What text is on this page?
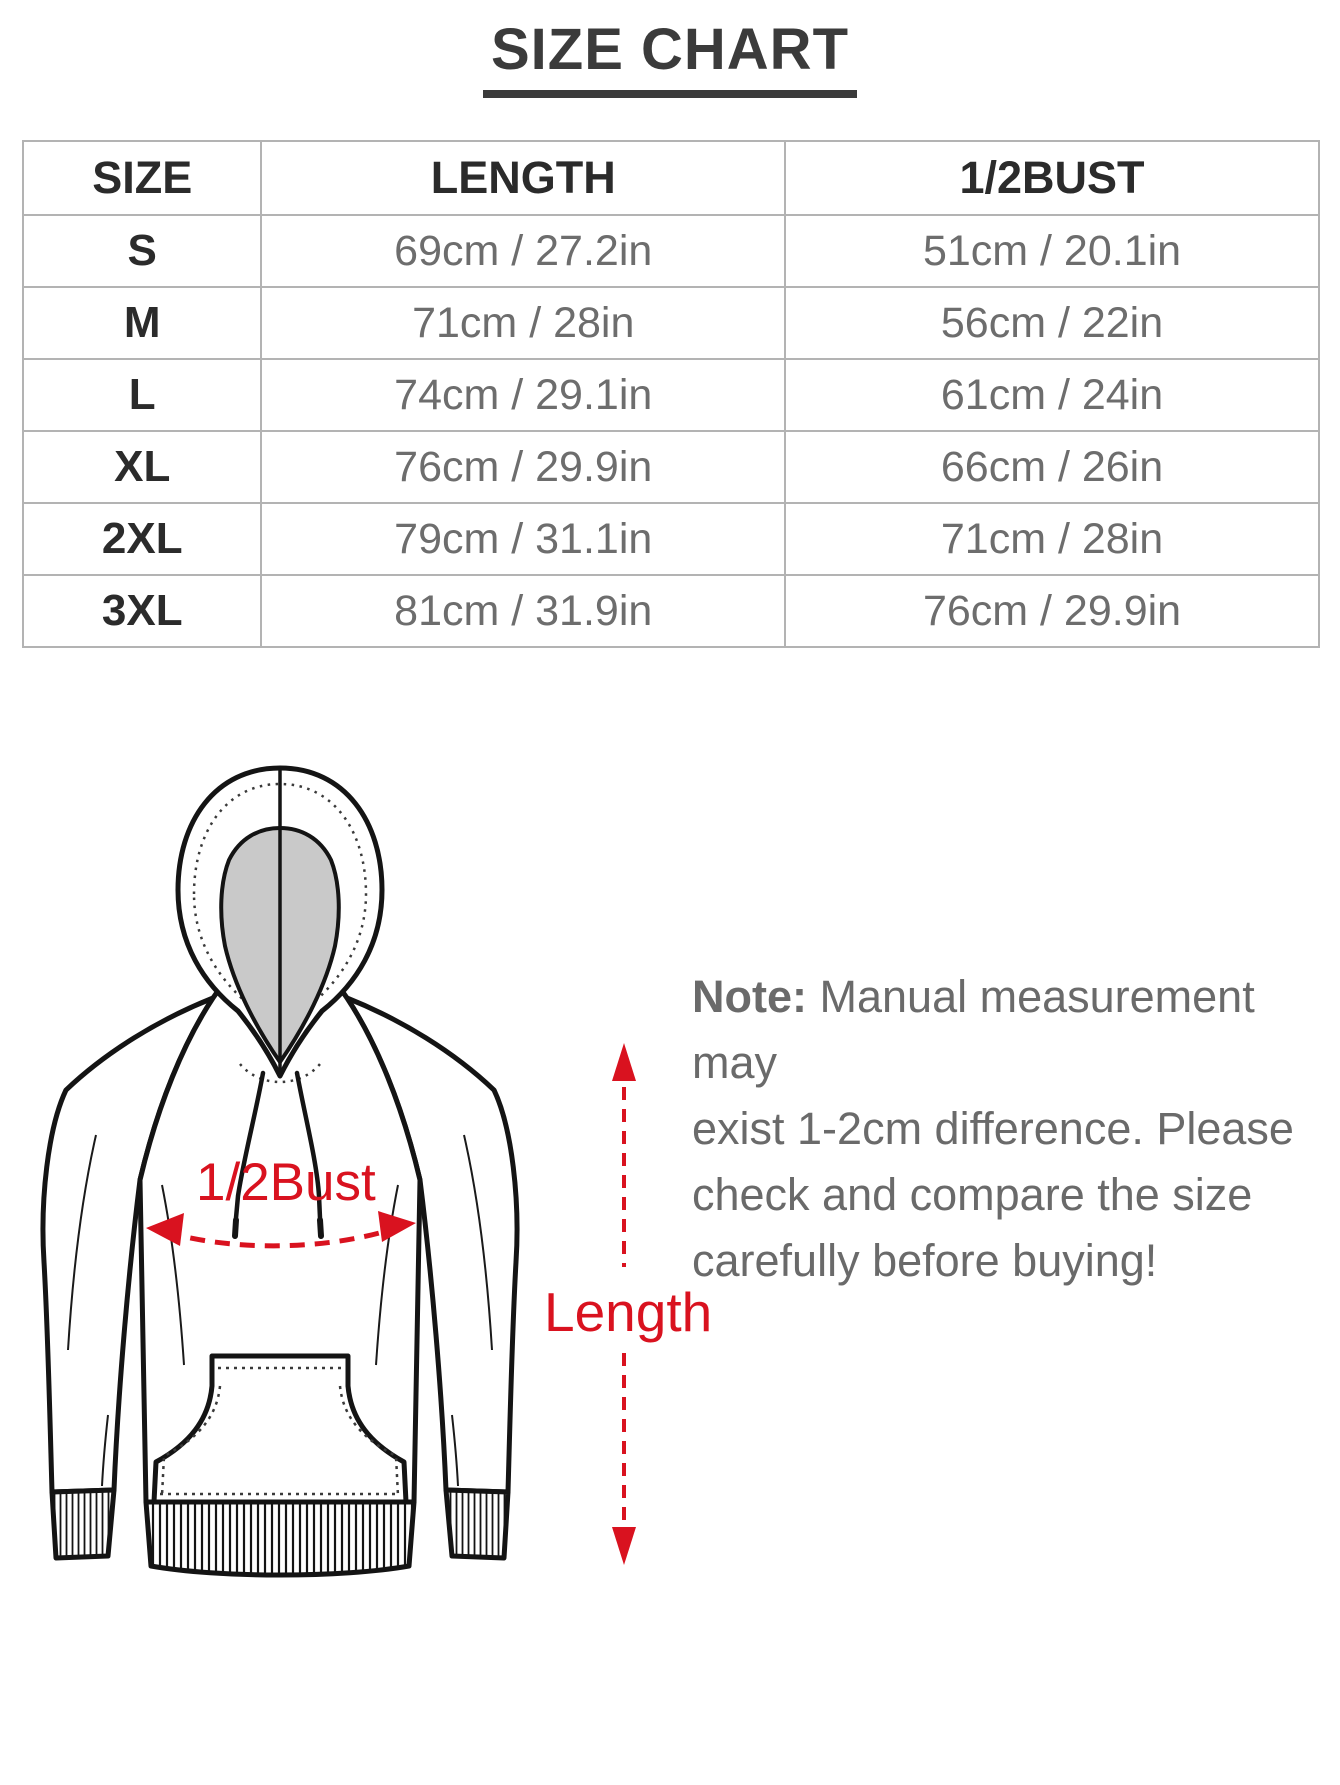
SIZE CHART
SIZE	LENGTH	1/2BUST
S	69cm / 27.2in	51cm / 20.1in
M	71cm / 28in	56cm / 22in
L	74cm / 29.1in	61cm / 24in
XL	76cm / 29.9in	66cm / 26in
2XL	79cm / 31.1in	71cm / 28in
3XL	81cm / 31.9in	76cm / 29.9in
1/2Bust
Length
Note: Manual measurement may
exist 1-2cm difference. Please
check and compare the size
carefully before buying!
